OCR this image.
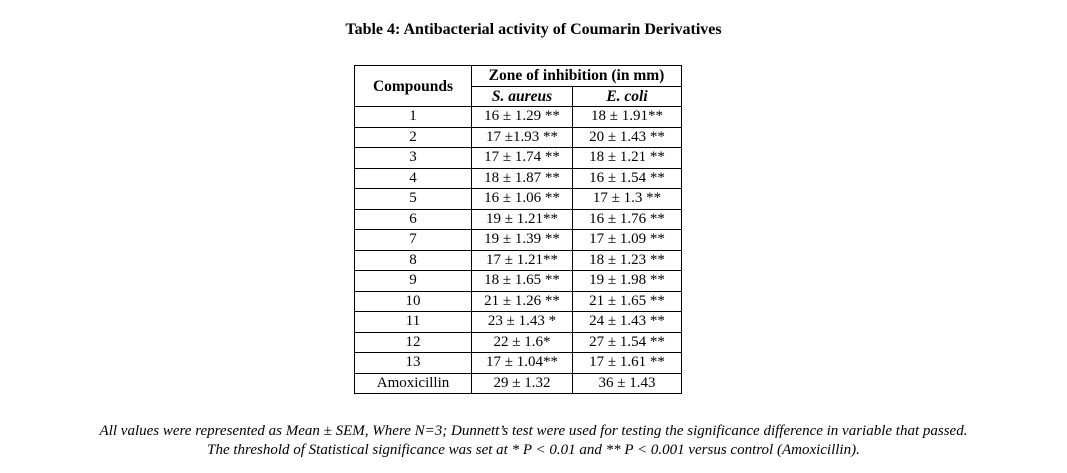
Table 4: Antibacterial activity of Coumarin Derivatives
Compounds	Zone of inhibition (in mm)	
	S. aureus	E. coli
1	16 ± 1.29 **	18 ± 1.91**
2	17 ±1.93 **	20 ± 1.43 **
3	17 ± 1.74 **	18 ± 1.21 **
4	18 ± 1.87 **	16 ± 1.54 **
5	16 ± 1.06 **	17 ± 1.3 **
6	19 ± 1.21**	16 ± 1.76 **
7	19 ± 1.39 **	17 ± 1.09 **
8	17 ± 1.21**	18 ± 1.23 **
9	18 ± 1.65 **	19 ± 1.98 **
10	21 ± 1.26 **	21 ± 1.65 **
11	23 ± 1.43 *	24 ± 1.43 **
12	22 ± 1.6*	27 ± 1.54 **
13	17 ± 1.04**	17 ± 1.61 **
Amoxicillin	29 ± 1.32	36 ± 1.43
All values were represented as Mean ± SEM, Where N=3; Dunnett’s test were used for testing the significance difference in variable that passed.
The threshold of Statistical significance was set at * P < 0.01 and ** P < 0.001 versus control (Amoxicillin).
